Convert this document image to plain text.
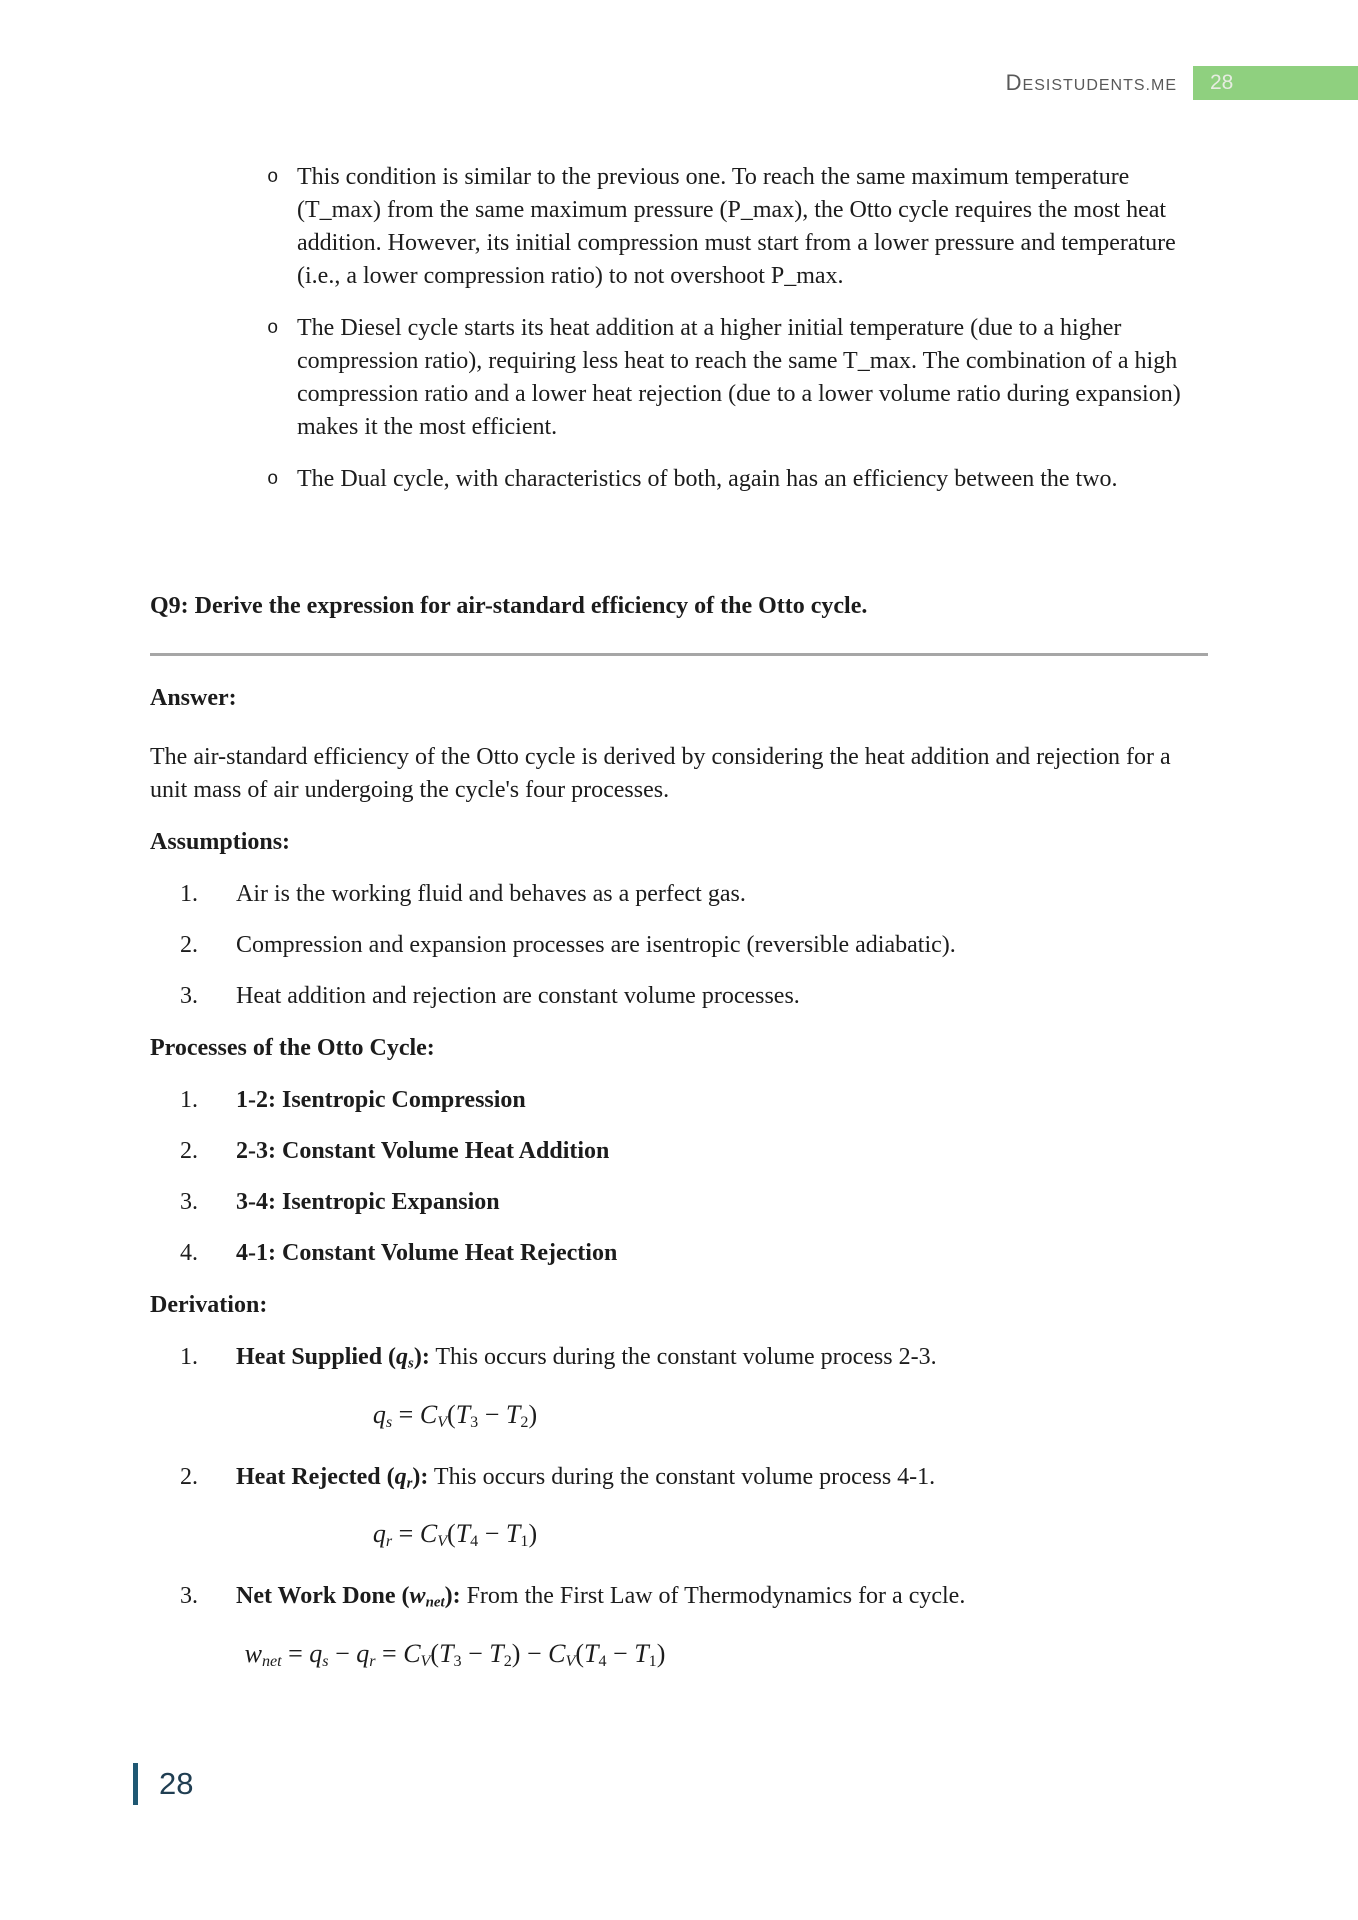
DESISTUDENTS.ME	28
o This condition is similar to the previous one. To reach the same maximum temperature (T_max) from the same maximum pressure (P_max), the Otto cycle requires the most heat addition. However, its initial compression must start from a lower pressure and temperature (i.e., a lower compression ratio) to not overshoot P_max.
o The Diesel cycle starts its heat addition at a higher initial temperature (due to a higher compression ratio), requiring less heat to reach the same T_max. The combination of a high compression ratio and a lower heat rejection (due to a lower volume ratio during expansion) makes it the most efficient.
o The Dual cycle, with characteristics of both, again has an efficiency between the two.
Q9: Derive the expression for air-standard efficiency of the Otto cycle.
Answer:
The air-standard efficiency of the Otto cycle is derived by considering the heat addition and rejection for a unit mass of air undergoing the cycle's four processes.
Assumptions:
1.	Air is the working fluid and behaves as a perfect gas.
2.	Compression and expansion processes are isentropic (reversible adiabatic).
3.	Heat addition and rejection are constant volume processes.
Processes of the Otto Cycle:
1.	1-2: Isentropic Compression
2.	2-3: Constant Volume Heat Addition
3.	3-4: Isentropic Expansion
4.	4-1: Constant Volume Heat Rejection
Derivation:
1.	Heat Supplied (qs): This occurs during the constant volume process 2-3.
qs = CV(T3 − T2)
2.	Heat Rejected (qr): This occurs during the constant volume process 4-1.
qr = CV(T4 − T1)
3.	Net Work Done (wnet): From the First Law of Thermodynamics for a cycle.
wnet = qs − qr = CV(T3 − T2) − CV(T4 − T1)
28
